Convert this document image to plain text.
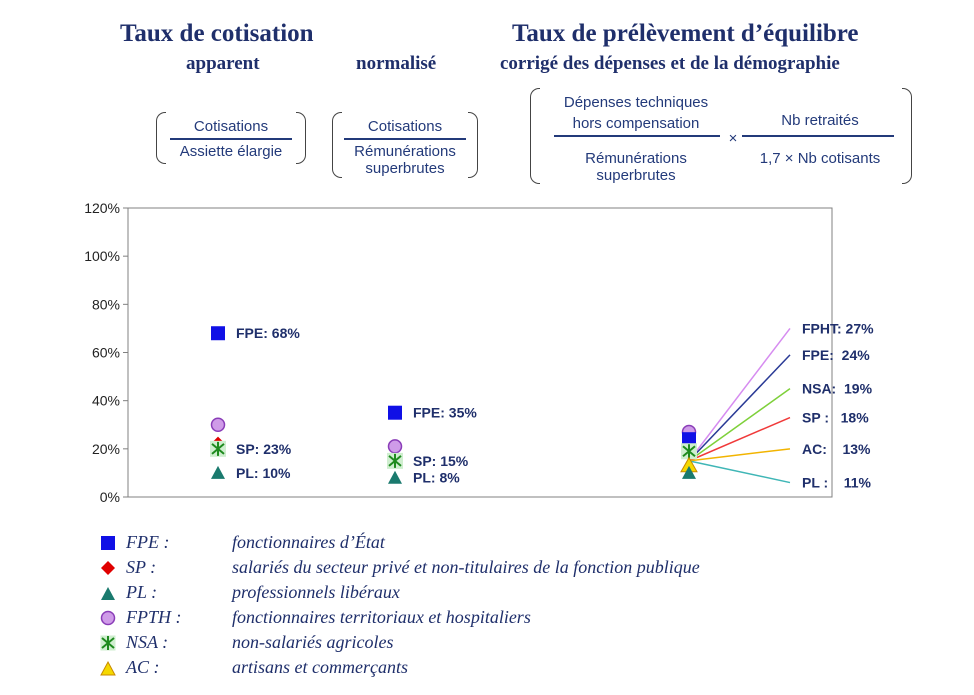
Taux de cotisation
apparent	normalisé
Taux de prélèvement d’équilibre
corrigé des dépenses et de la démographie
Cotisations
Assiette élargie
Cotisations
Rémunérations
superbrutes
Dépenses techniques
hors compensation
Rémunérations
superbrutes
×
Nb retraités
1,7 × Nb cotisants
0%
20%
40%
60%
80%
100%
120%
FPE: 68%
SP: 23%
PL: 10%
FPE: 35%
SP: 15%
PL: 8%
FPHT: 27%
FPE:  24%
NSA:  19%
SP :   18%
AC:    13%
PL :    11%
FPE :	fonctionnaires d’État
SP :	salariés du secteur privé et non-titulaires de la fonction publique
PL :	professionnels libéraux
FPTH :	fonctionnaires territoriaux et hospitaliers
NSA :	non-salariés agricoles
AC :	artisans et commerçants
